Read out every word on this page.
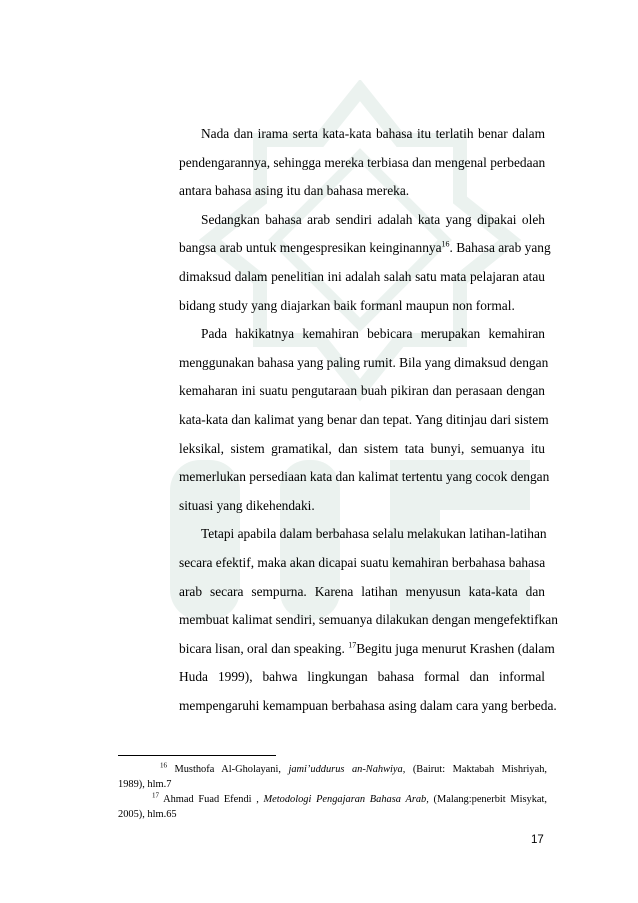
Nada dan irama serta kata-kata bahasa itu terlatih benar dalam
pendengarannya, sehingga mereka terbiasa dan mengenal perbedaan
antara bahasa asing itu dan bahasa mereka.
Sedangkan bahasa arab sendiri adalah kata yang dipakai oleh
bangsa arab untuk mengespresikan keinginannya$^{16}$. Bahasa arab yang
dimaksud dalam penelitian ini adalah salah satu mata pelajaran atau
bidang study yang diajarkan baik formanl maupun non formal.
Pada hakikatnya kemahiran bebicara merupakan kemahiran
menggunakan bahasa yang paling rumit. Bila yang dimaksud dengan
kemaharan ini suatu pengutaraan buah pikiran dan perasaan dengan
kata-kata dan kalimat yang benar dan tepat. Yang ditinjau dari sistem
leksikal, sistem gramatikal, dan sistem tata bunyi, semuanya itu
memerlukan persediaan kata dan kalimat tertentu yang cocok dengan
situasi yang dikehendaki.
Tetapi apabila dalam berbahasa selalu melakukan latihan-latihan
secara efektif, maka akan dicapai suatu kemahiran berbahasa bahasa
arab secara sempurna. Karena latihan menyusun kata-kata dan
membuat kalimat sendiri, semuanya dilakukan dengan mengefektifkan
bicara lisan, oral dan speaking. $^{17}$Begitu juga menurut Krashen (dalam
Huda 1999), bahwa lingkungan bahasa formal dan informal
mempengaruhi kemampuan berbahasa asing dalam cara yang berbeda.
$^{16}$ Musthofa Al-Gholayani, jami’uddurus an-Nahwiya, (Bairut: Maktabah Mishriyah,
1989), hlm.7
$^{17}$ Ahmad Fuad Efendi , Metodologi Pengajaran Bahasa Arab, (Malang:penerbit Misykat,
2005), hlm.65
17
